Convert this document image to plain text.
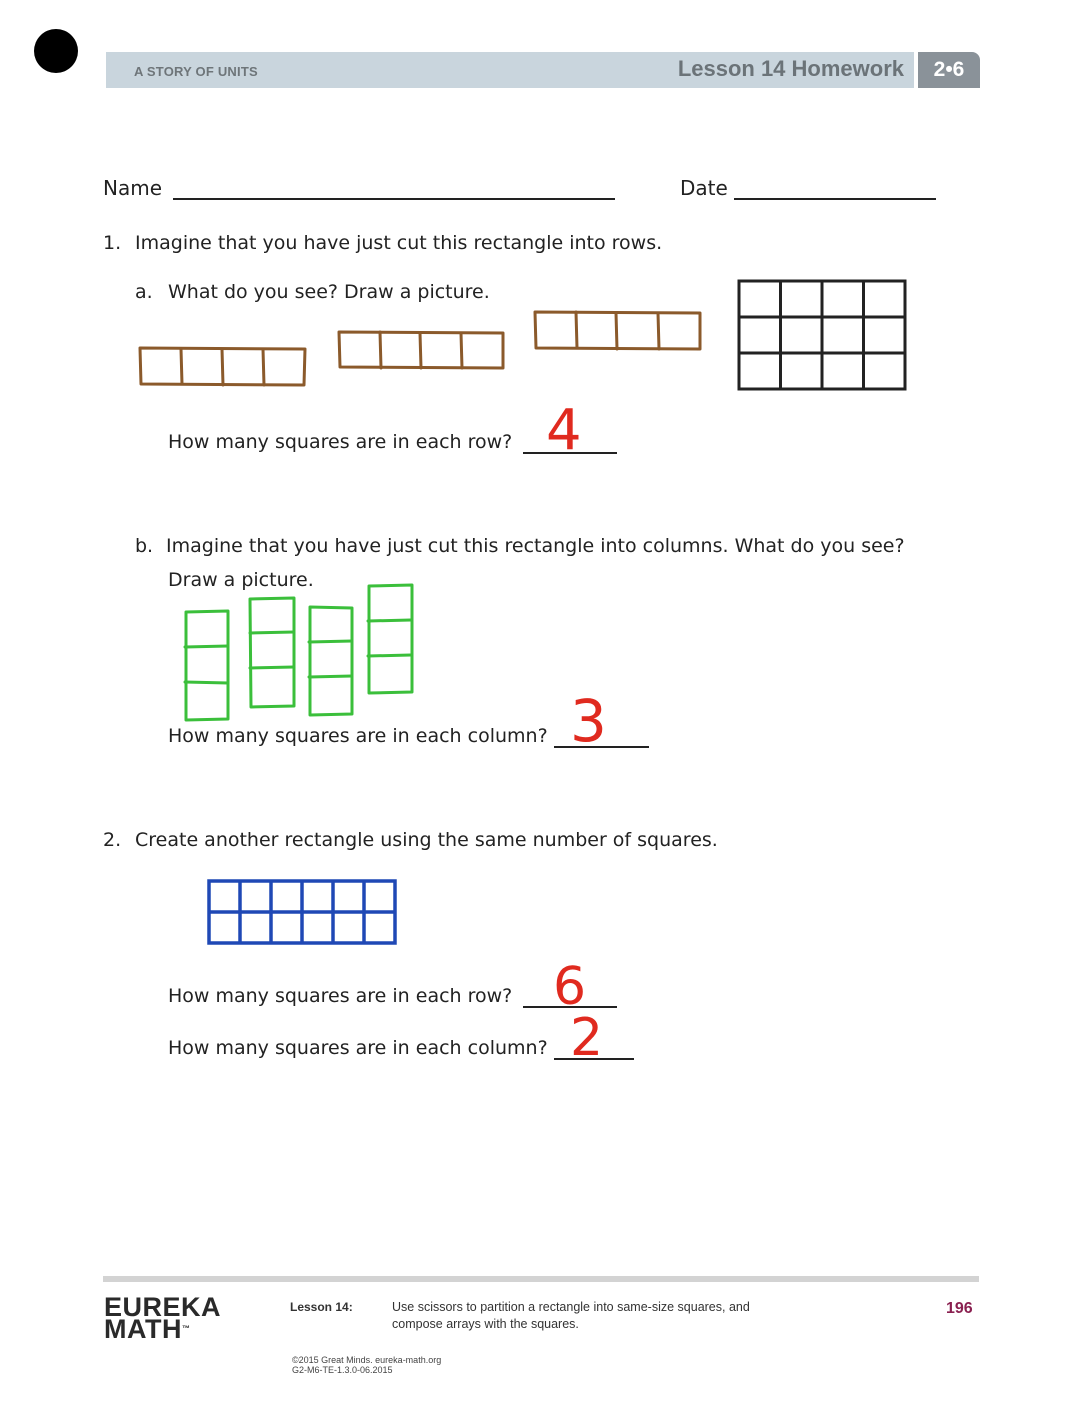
A STORY OF UNITS	Lesson 14 Homework	2•6
Name	Date
1. Imagine that you have just cut this rectangle into rows.
a. What do you see? Draw a picture.
How many squares are in each row?
b. Imagine that you have just cut this rectangle into columns. What do you see?
Draw a picture.
How many squares are in each column?
2. Create another rectangle using the same number of squares.
How many squares are in each row?
How many squares are in each column?
4
3
6
2
EUREKA
MATH™
Lesson 14:	Use scissors to partition a rectangle into same-size squares, and compose arrays with the squares.
196
©2015 Great Minds. eureka-math.org
G2-M6-TE-1.3.0-06.2015
